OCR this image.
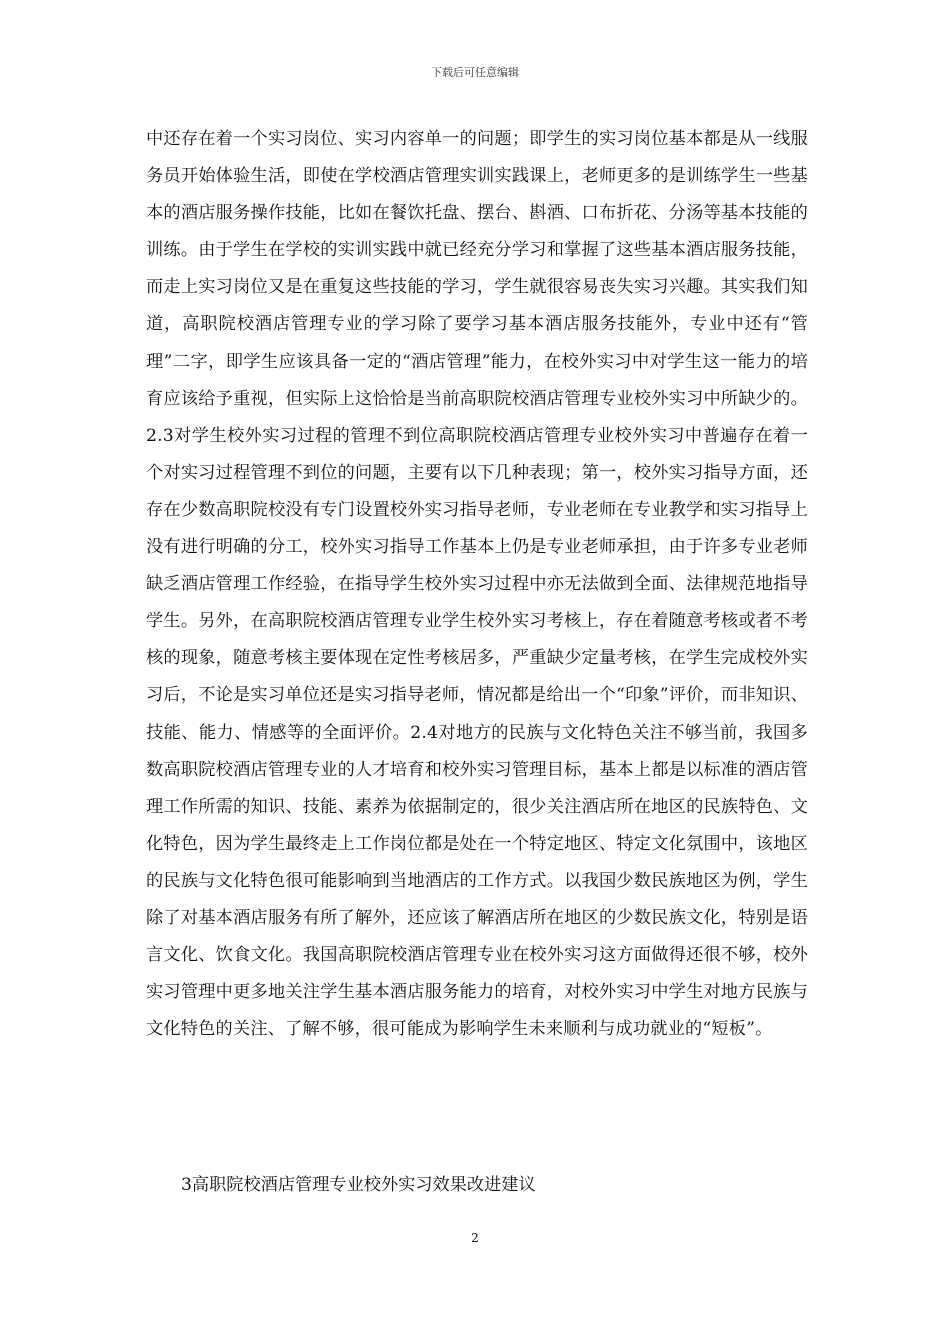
下载后可任意编辑

中还存在着一个实习岗位、实习内容单一的问题；即学生的实习岗位基本都是从一线服务员开始体验生活，即使在学校酒店管理实训实践课上，老师更多的是训练学生一些基本的酒店服务操作技能，比如在餐饮托盘、摆台、斟酒、口布折花、分汤等基本技能的训练。由于学生在学校的实训实践中就已经充分学习和掌握了这些基本酒店服务技能，而走上实习岗位又是在重复这些技能的学习，学生就很容易丧失实习兴趣。其实我们知道，高职院校酒店管理专业的学习除了要学习基本酒店服务技能外，专业中还有“管理”二字，即学生应该具备一定的“酒店管理”能力，在校外实习中对学生这一能力的培育应该给予重视，但实际上这恰恰是当前高职院校酒店管理专业校外实习中所缺少的。2.3对学生校外实习过程的管理不到位高职院校酒店管理专业校外实习中普遍存在着一个对实习过程管理不到位的问题，主要有以下几种表现；第一，校外实习指导方面，还存在少数高职院校没有专门设置校外实习指导老师，专业老师在专业教学和实习指导上没有进行明确的分工，校外实习指导工作基本上仍是专业老师承担，由于许多专业老师缺乏酒店管理工作经验，在指导学生校外实习过程中亦无法做到全面、法律规范地指导学生。另外，在高职院校酒店管理专业学生校外实习考核上，存在着随意考核或者不考核的现象，随意考核主要体现在定性考核居多，严重缺少定量考核，在学生完成校外实习后，不论是实习单位还是实习指导老师，情况都是给出一个“印象”评价，而非知识、技能、能力、情感等的全面评价。2.4对地方的民族与文化特色关注不够当前，我国多数高职院校酒店管理专业的人才培育和校外实习管理目标，基本上都是以标准的酒店管理工作所需的知识、技能、素养为依据制定的，很少关注酒店所在地区的民族特色、文化特色，因为学生最终走上工作岗位都是处在一个特定地区、特定文化氛围中，该地区的民族与文化特色很可能影响到当地酒店的工作方式。以我国少数民族地区为例，学生除了对基本酒店服务有所了解外，还应该了解酒店所在地区的少数民族文化，特别是语言文化、饮食文化。我国高职院校酒店管理专业在校外实习这方面做得还很不够，校外实习管理中更多地关注学生基本酒店服务能力的培育，对校外实习中学生对地方民族与文化特色的关注、了解不够，很可能成为影响学生未来顺利与成功就业的“短板”。

3高职院校酒店管理专业校外实习效果改进建议

2
